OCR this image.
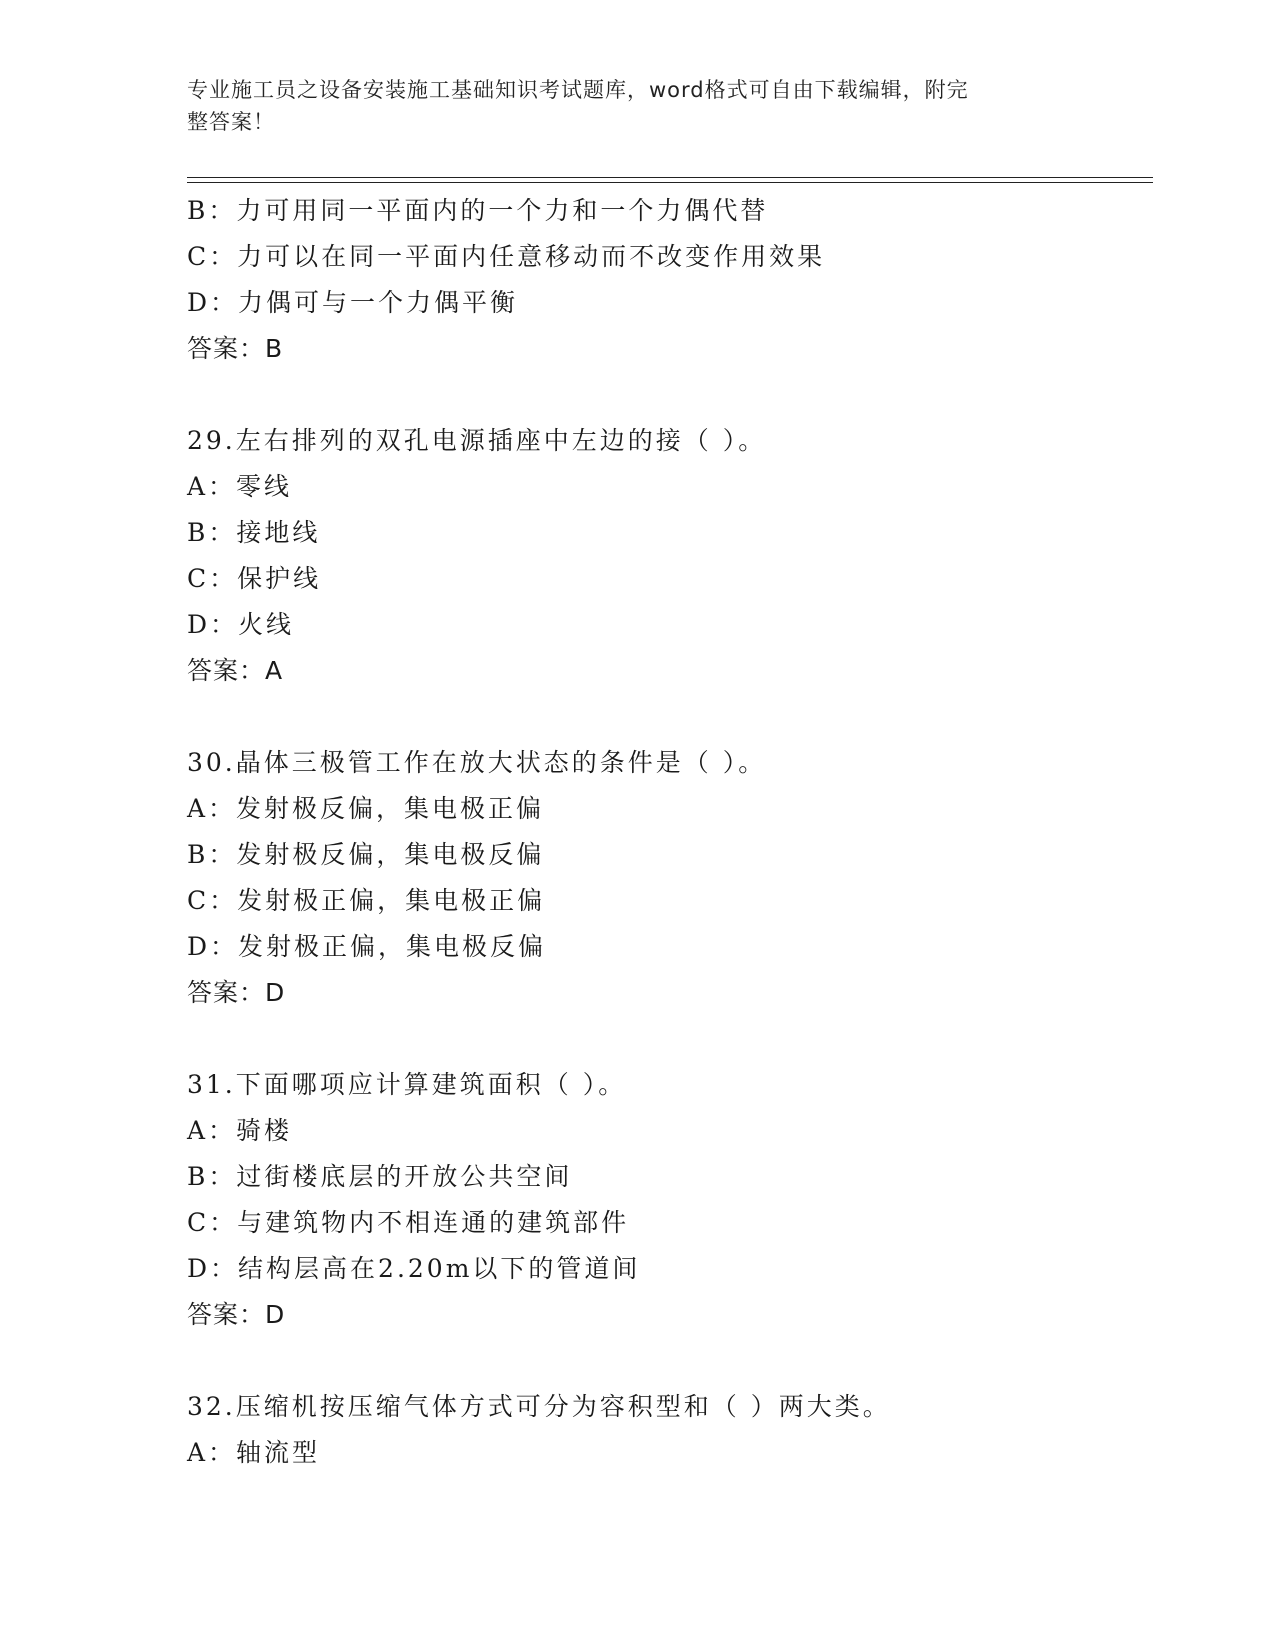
专业施工员之设备安装施工基础知识考试题库，word格式可自由下载编辑，附完
整答案！
B：力可用同一平面内的一个力和一个力偶代替
C：力可以在同一平面内任意移动而不改变作用效果
D：力偶可与一个力偶平衡
答案：B
29.左右排列的双孔电源插座中左边的接（ ）。
A：零线
B：接地线
C：保护线
D：火线
答案：A
30.晶体三极管工作在放大状态的条件是（ ）。
A：发射极反偏，集电极正偏
B：发射极反偏，集电极反偏
C：发射极正偏，集电极正偏
D：发射极正偏，集电极反偏
答案：D
31.下面哪项应计算建筑面积（ ）。
A：骑楼
B：过街楼底层的开放公共空间
C：与建筑物内不相连通的建筑部件
D：结构层高在2.20m以下的管道间
答案：D
32.压缩机按压缩气体方式可分为容积型和（ ）两大类。
A：轴流型
